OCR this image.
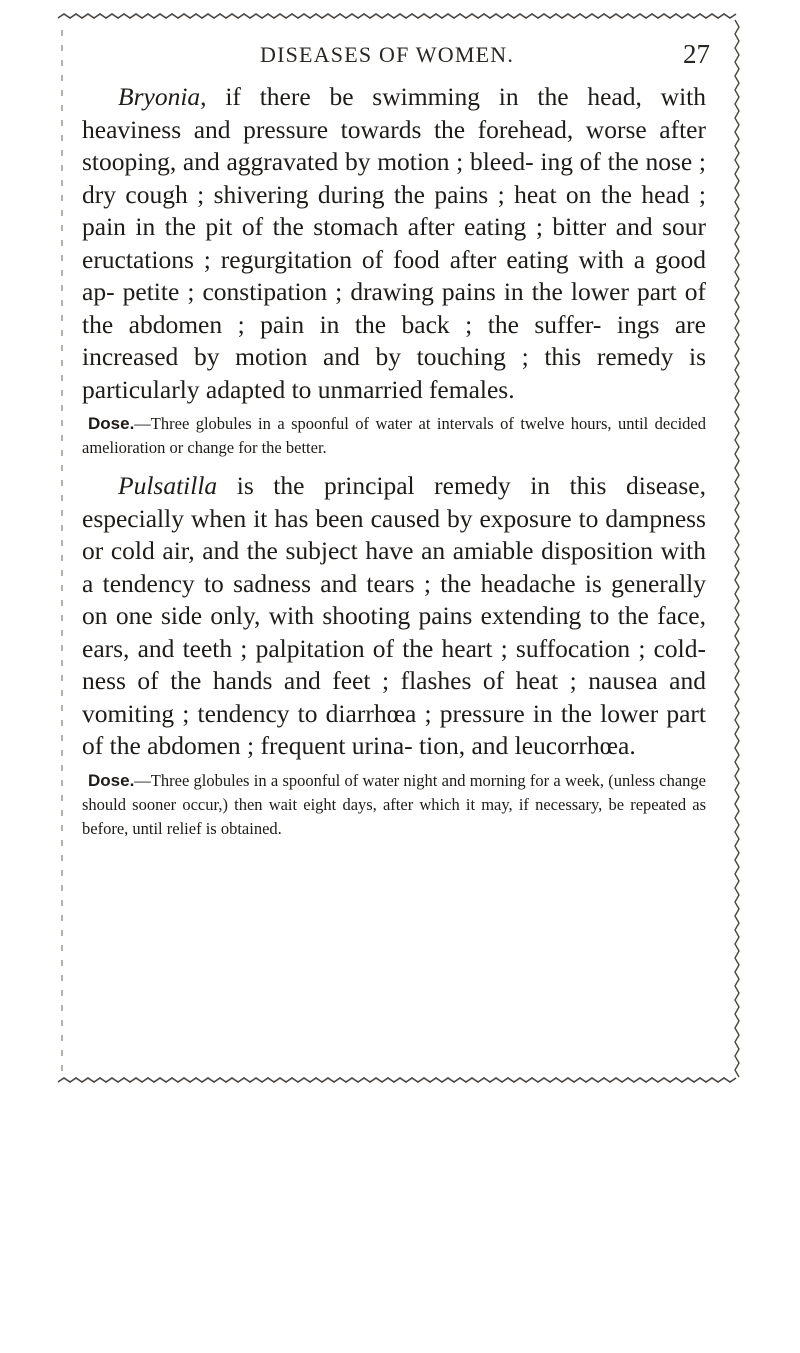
DISEASES OF WOMEN.	27

Bryonia, if there be swimming in the head, with heaviness and pressure towards the forehead, worse after stooping, and aggravated by motion ; bleed- ing of the nose ; dry cough ; shivering during the pains ; heat on the head ; pain in the pit of the stomach after eating ; bitter and sour eructations ; regurgitation of food after eating with a good ap- petite ; constipation ; drawing pains in the lower part of the abdomen ; pain in the back ; the suffer- ings are increased by motion and by touching ; this remedy is particularly adapted to unmarried females.

Dose.—Three globules in a spoonful of water at intervals of twelve hours, until decided amelioration or change for the better.

Pulsatilla is the principal remedy in this disease, especially when it has been caused by exposure to dampness or cold air, and the subject have an amiable disposition with a tendency to sadness and tears ; the headache is generally on one side only, with shooting pains extending to the face, ears, and teeth ; palpitation of the heart ; suffocation ; cold- ness of the hands and feet ; flashes of heat ; nausea and vomiting ; tendency to diarrhœa ; pressure in the lower part of the abdomen ; frequent urina- tion, and leucorrhœa.

Dose.—Three globules in a spoonful of water night and morning for a week, (unless change should sooner occur,) then wait eight days, after which it may, if necessary, be repeated as before, until relief is obtained.
